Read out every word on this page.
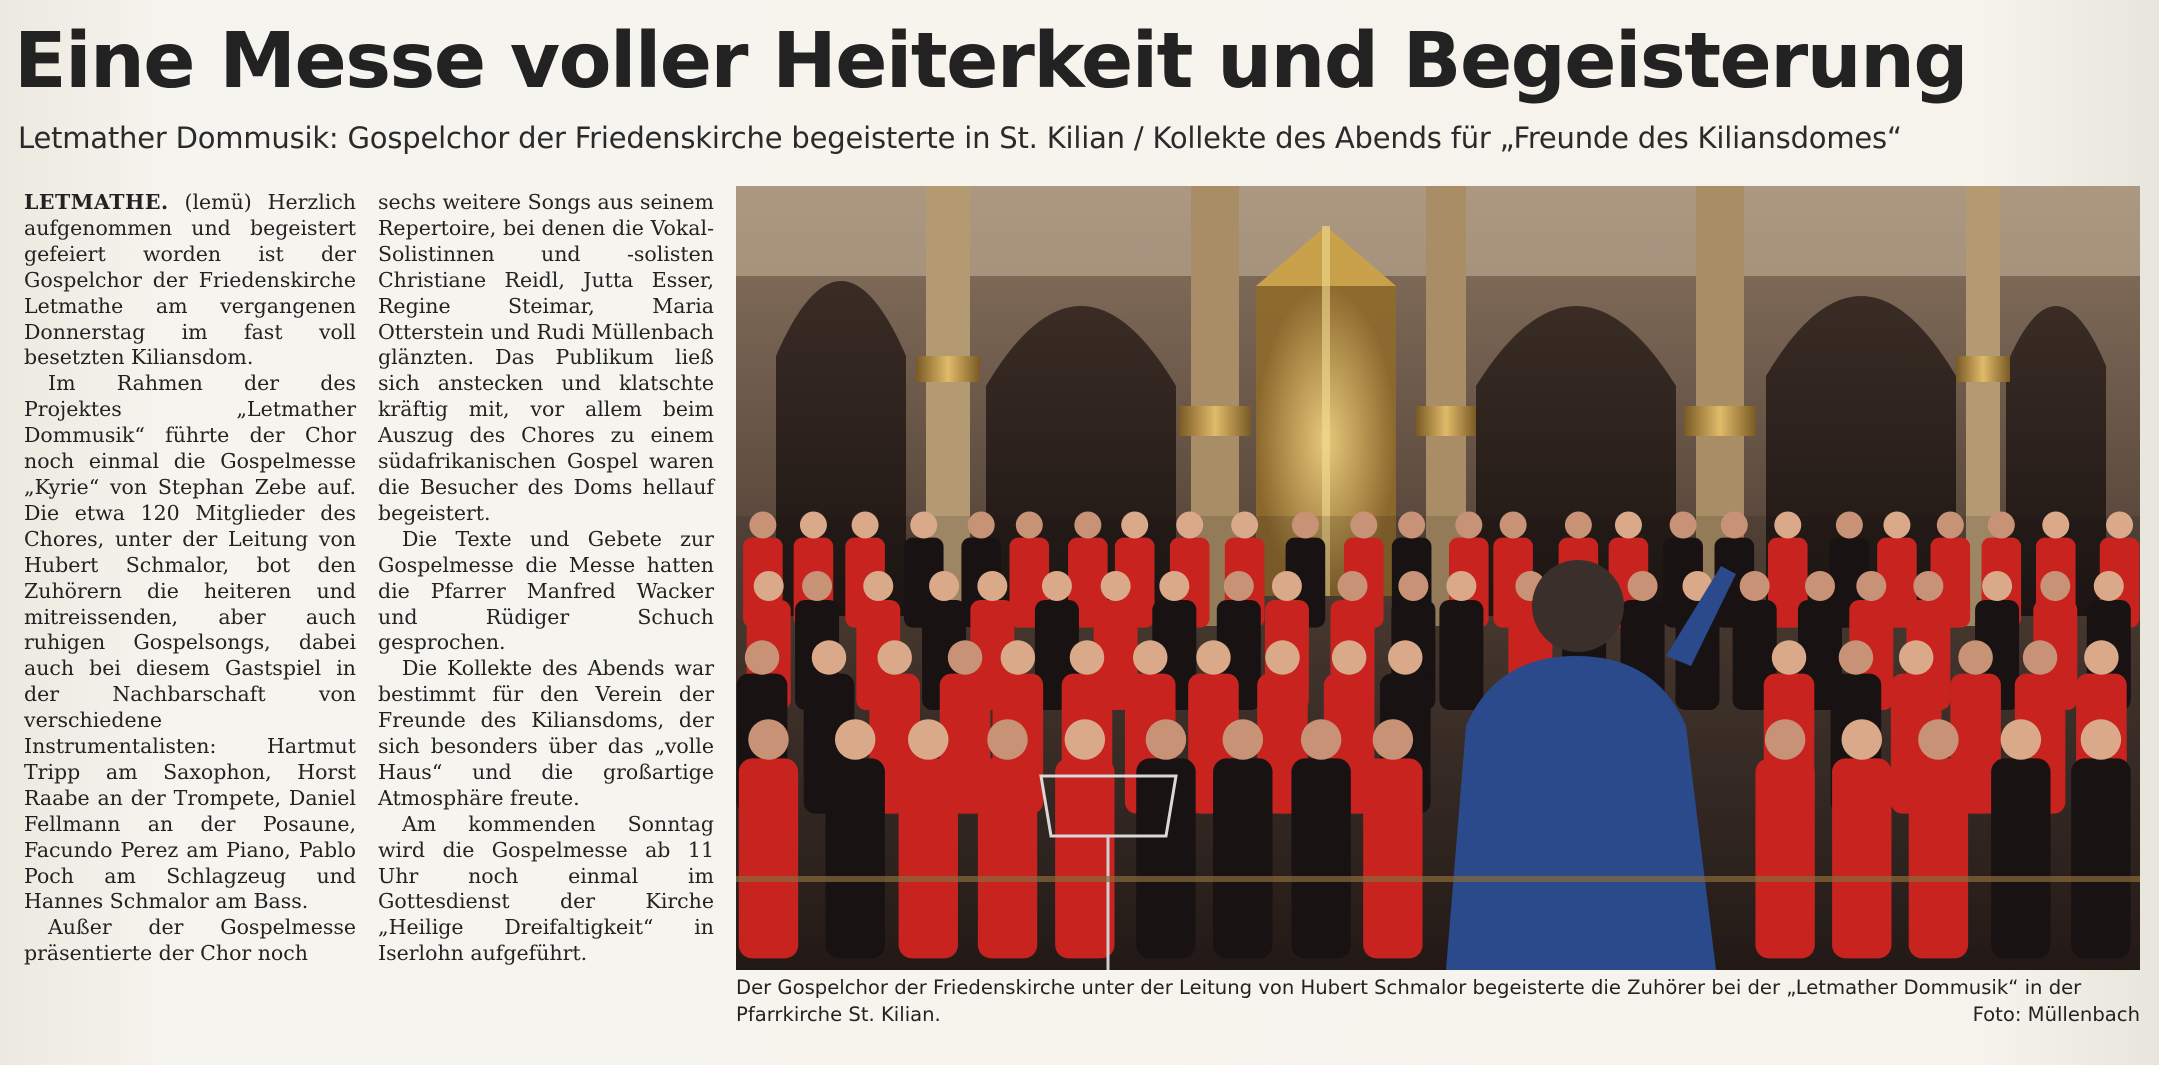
Eine Messe voller Heiterkeit und Begeisterung
Letmather Dommusik: Gospelchor der Friedenskirche begeisterte in St. Kilian / Kollekte des Abends für „Freunde des Kiliansdomes“

LETMATHE. (lemü) Herzlich aufgenommen und begeistert gefeiert worden ist der Gospelchor der Friedenskirche Letmathe am vergangenen Donnerstag im fast voll besetzten Kiliansdom.

Im Rahmen der des Projektes „Letmather Dommusik“ führte der Chor noch einmal die Gospelmesse „Kyrie“ von Stephan Zebe auf. Die etwa 120 Mitglieder des Chores, unter der Leitung von Hubert Schmalor, bot den Zuhörern die heiteren und mitreissenden, aber auch ruhigen Gospelsongs, dabei auch bei diesem Gastspiel in der Nachbarschaft von verschiedene Instrumentalisten: Hartmut Tripp am Saxophon, Horst Raabe an der Trompete, Daniel Fellmann an der Posaune, Facundo Perez am Piano, Pablo Poch am Schlagzeug und Hannes Schmalor am Bass.

Außer der Gospelmesse präsentierte der Chor noch

sechs weitere Songs aus seinem Repertoire, bei denen die Vokal-Solistinnen und -solisten Christiane Reidl, Jutta Esser, Regine Steimar, Maria Otterstein und Rudi Müllenbach glänzten. Das Publikum ließ sich anstecken und klatschte kräftig mit, vor allem beim Auszug des Chores zu einem südafrikanischen Gospel waren die Besucher des Doms hellauf begeistert.

Die Texte und Gebete zur Gospelmesse die Messe hatten die Pfarrer Manfred Wacker und Rüdiger Schuch gesprochen.

Die Kollekte des Abends war bestimmt für den Verein der Freunde des Kiliansdoms, der sich besonders über das „volle Haus“ und die großartige Atmosphäre freute.

Am kommenden Sonntag wird die Gospelmesse ab 11 Uhr noch einmal im Gottesdienst der Kirche „Heilige Dreifaltigkeit“ in Iserlohn aufgeführt.

Der Gospelchor der Friedenskirche unter der Leitung von Hubert Schmalor begeisterte die Zuhörer bei der „Letmather Dommusik“ in der Pfarrkirche St. Kilian.	Foto: Müllenbach
